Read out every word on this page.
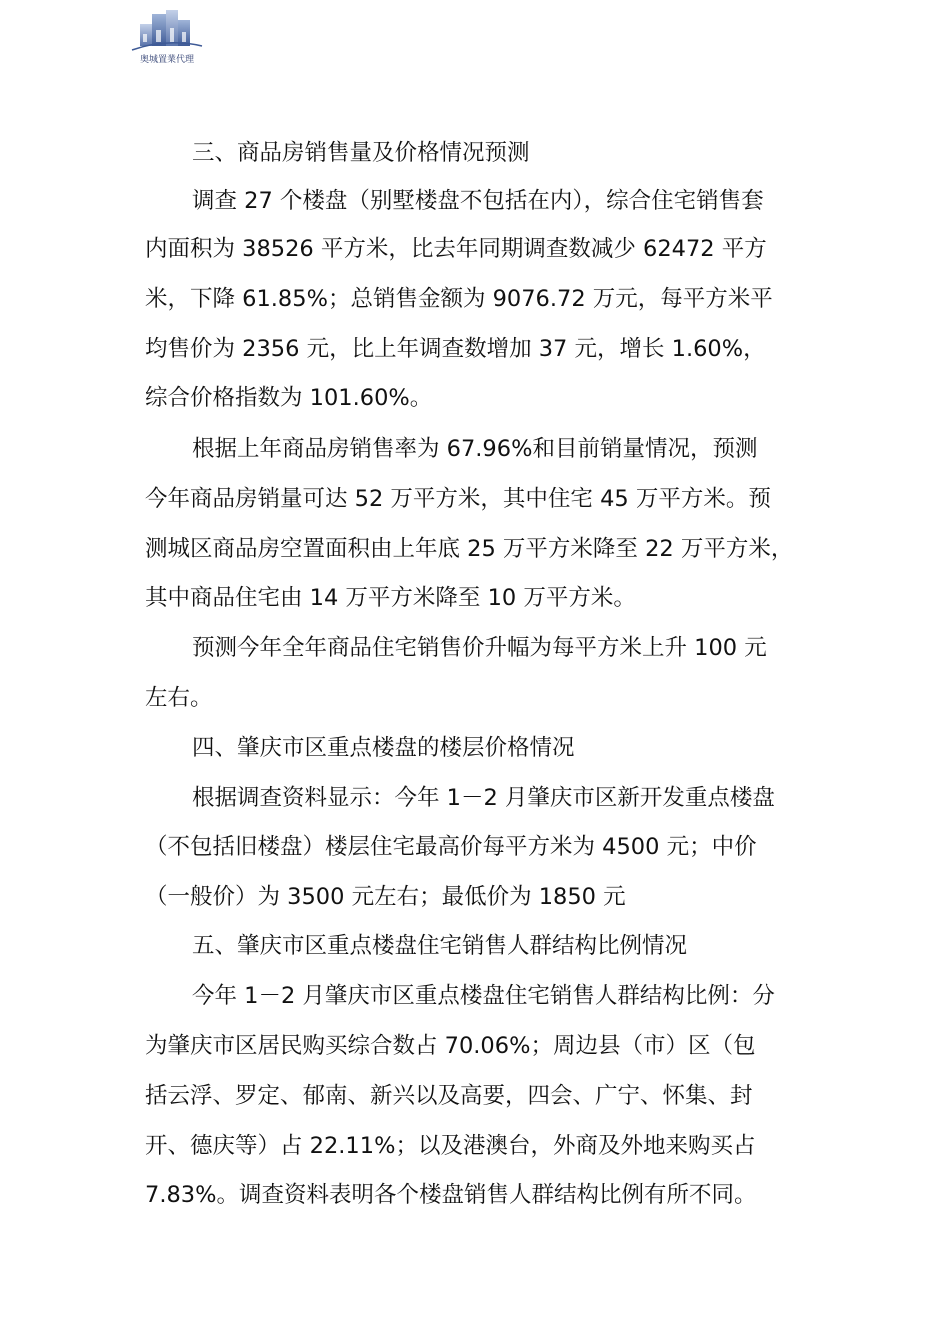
奥城置業代理
三、商品房销售量及价格情况预测
调查 27 个楼盘（别墅楼盘不包括在内），综合住宅销售套
内面积为 38526 平方米，比去年同期调查数减少 62472 平方
米，下降 61.85%；总销售金额为 9076.72 万元，每平方米平
均售价为 2356 元，比上年调查数增加 37 元，增长 1.60%，
综合价格指数为 101.60%。
根据上年商品房销售率为 67.96%和目前销量情况，预测
今年商品房销量可达 52 万平方米，其中住宅 45 万平方米。预
测城区商品房空置面积由上年底 25 万平方米降至 22 万平方米，
其中商品住宅由 14 万平方米降至 10 万平方米。
预测今年全年商品住宅销售价升幅为每平方米上升 100 元
左右。
四、肇庆市区重点楼盘的楼层价格情况
根据调查资料显示：今年 1－2 月肇庆市区新开发重点楼盘
（不包括旧楼盘）楼层住宅最高价每平方米为 4500 元；中价
（一般价）为 3500 元左右；最低价为 1850 元
五、肇庆市区重点楼盘住宅销售人群结构比例情况
今年 1－2 月肇庆市区重点楼盘住宅销售人群结构比例：分
为肇庆市区居民购买综合数占 70.06%；周边县（市）区（包
括云浮、罗定、郁南、新兴以及高要，四会、广宁、怀集、封
开、德庆等）占 22.11%；以及港澳台，外商及外地来购买占
7.83%。调查资料表明各个楼盘销售人群结构比例有所不同。
